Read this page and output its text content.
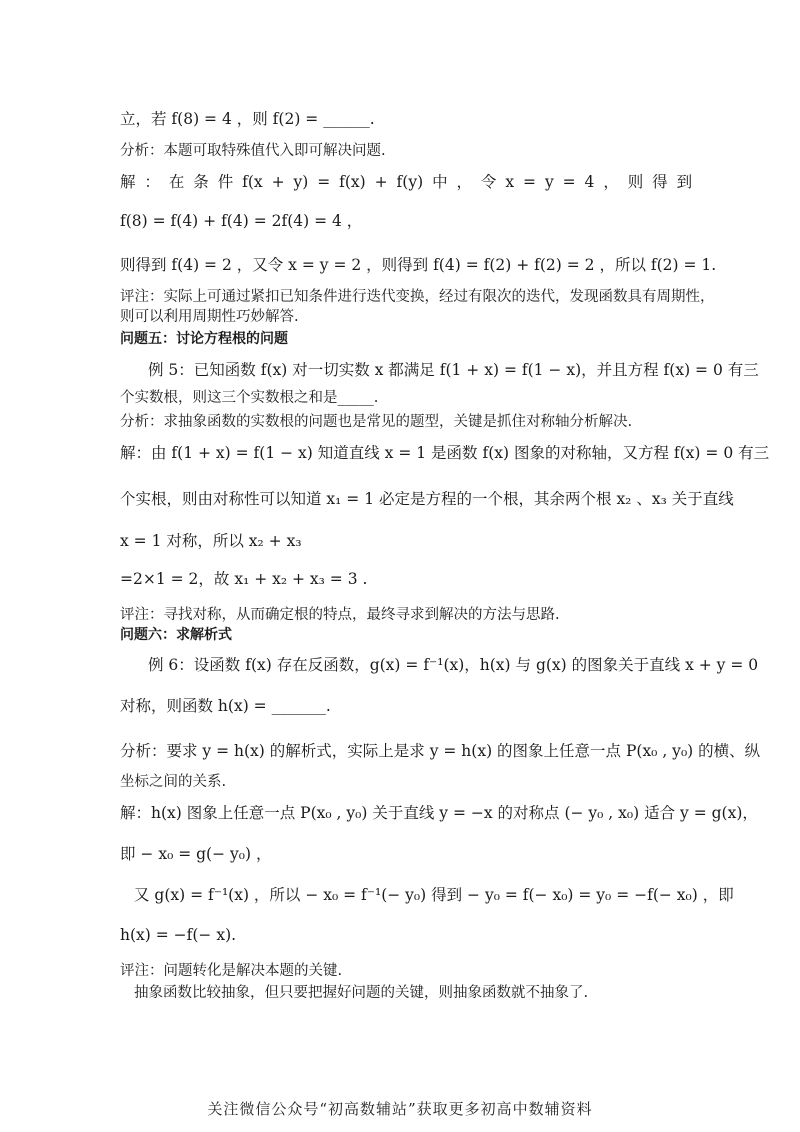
立，若 f(8) = 4 ，则 f(2) = ______.
分析：本题可取特殊值代入即可解决问题.
解 ： 在 条 件 f(x + y) = f(x) + f(y) 中 ， 令 x = y = 4 ， 则 得 到
f(8) = f(4) + f(4) = 2f(4) = 4 ，
则得到 f(4) = 2 ，又令 x = y = 2 ，则得到 f(4) = f(2) + f(2) = 2 ，所以 f(2) = 1.
评注：实际上可通过紧扣已知条件进行迭代变换，经过有限次的迭代，发现函数具有周期性，
则可以利用周期性巧妙解答.
问题五：讨论方程根的问题
例 5：已知函数 f(x) 对一切实数 x 都满足 f(1 + x) = f(1 − x)，并且方程 f(x) = 0 有三
个实数根，则这三个实数根之和是_____.
分析：求抽象函数的实数根的问题也是常见的题型，关键是抓住对称轴分析解决.
解：由 f(1 + x) = f(1 − x) 知道直线 x = 1 是函数 f(x) 图象的对称轴，又方程 f(x) = 0 有三
个实根，则由对称性可以知道 x₁ = 1 必定是方程的一个根，其余两个根 x₂ 、x₃ 关于直线
x = 1 对称，所以 x₂ + x₃
=2×1 = 2，故 x₁ + x₂ + x₃ = 3 .
评注：寻找对称，从而确定根的特点，最终寻求到解决的方法与思路.
问题六：求解析式
例 6：设函数 f(x) 存在反函数，g(x) = f⁻¹(x)，h(x) 与 g(x) 的图象关于直线 x + y = 0
对称，则函数 h(x) = _______.
分析：要求 y = h(x) 的解析式，实际上是求 y = h(x) 的图象上任意一点 P(x₀ , y₀) 的横、纵
坐标之间的关系.
解：h(x) 图象上任意一点 P(x₀ , y₀) 关于直线 y = −x 的对称点 (− y₀ , x₀) 适合 y = g(x)，
即 − x₀ = g(− y₀) ，
又 g(x) = f⁻¹(x) ，所以 − x₀ = f⁻¹(− y₀) 得到 − y₀ = f(− x₀) = y₀ = −f(− x₀) ，即
h(x) = −f(− x).
评注：问题转化是解决本题的关键.
抽象函数比较抽象，但只要把握好问题的关键，则抽象函数就不抽象了.
关注微信公众号“初高数辅站”获取更多初高中数辅资料
